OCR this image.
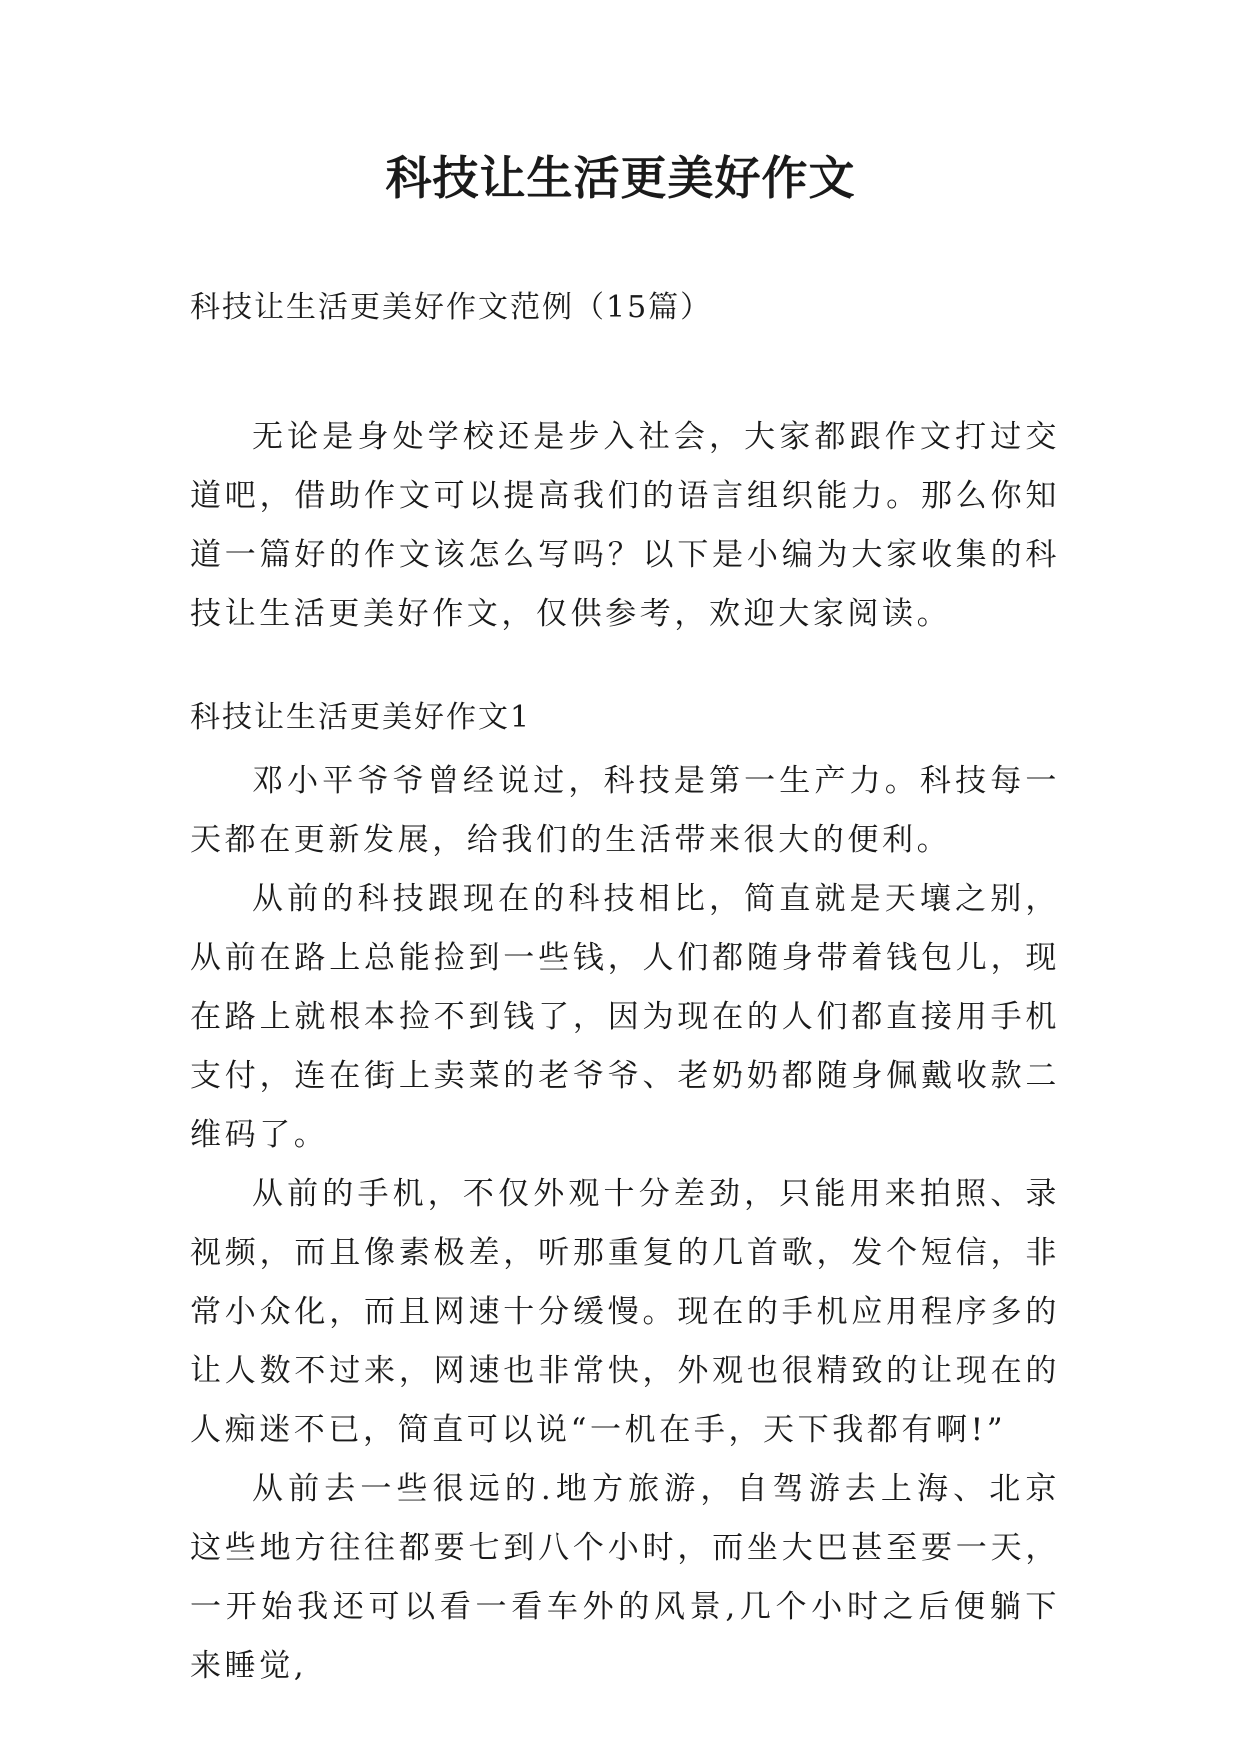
科技让生活更美好作文

科技让生活更美好作文范例（15篇）

无论是身处学校还是步入社会，大家都跟作文打过交道吧，借助作文可以提高我们的语言组织能力。那么你知道一篇好的作文该怎么写吗？以下是小编为大家收集的科技让生活更美好作文，仅供参考，欢迎大家阅读。

科技让生活更美好作文1

邓小平爷爷曾经说过，科技是第一生产力。科技每一天都在更新发展，给我们的生活带来很大的便利。

从前的科技跟现在的科技相比，简直就是天壤之别，从前在路上总能捡到一些钱，人们都随身带着钱包儿，现在路上就根本捡不到钱了，因为现在的人们都直接用手机支付，连在街上卖菜的老爷爷、老奶奶都随身佩戴收款二维码了。

从前的手机，不仅外观十分差劲，只能用来拍照、录视频，而且像素极差，听那重复的几首歌，发个短信，非常小众化，而且网速十分缓慢。现在的手机应用程序多的让人数不过来，网速也非常快，外观也很精致的让现在的人痴迷不已，简直可以说“一机在手，天下我都有啊!”

从前去一些很远的.地方旅游，自驾游去上海、北京这些地方往往都要七到八个小时，而坐大巴甚至要一天，一开始我还可以看一看车外的风景,几个小时之后便躺下来睡觉,
